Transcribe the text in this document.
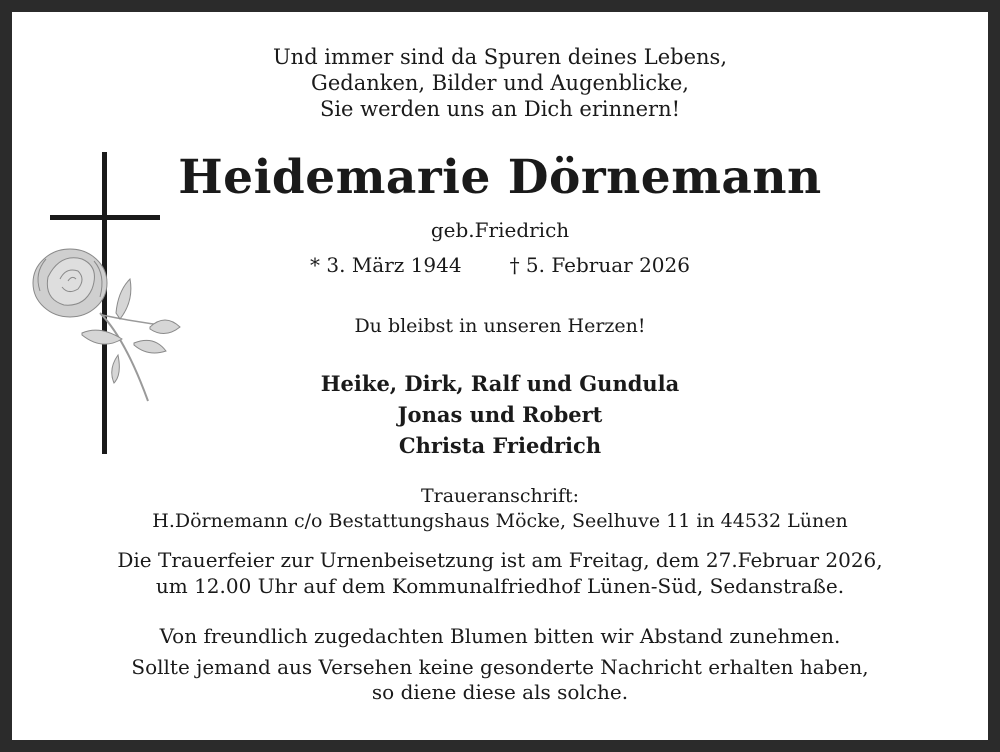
Und immer sind da Spuren deines Lebens,
Gedanken, Bilder und Augenblicke,
Sie werden uns an Dich erinnern!
Heidemarie Dörnemann
geb.Friedrich
* 3. März 1944 † 5. Februar 2026
Du bleibst in unseren Herzen!
Heike, Dirk, Ralf und Gundula
Jonas und Robert
Christa Friedrich
Traueranschrift:
H.Dörnemann c/o Bestattungshaus Möcke, Seelhuve 11 in 44532 Lünen
Die Trauerfeier zur Urnenbeisetzung ist am Freitag, dem 27.Februar 2026,
um 12.00 Uhr auf dem Kommunalfriedhof Lünen-Süd, Sedanstraße.
Von freundlich zugedachten Blumen bitten wir Abstand zunehmen.
Sollte jemand aus Versehen keine gesonderte Nachricht erhalten haben,
so diene diese als solche.
